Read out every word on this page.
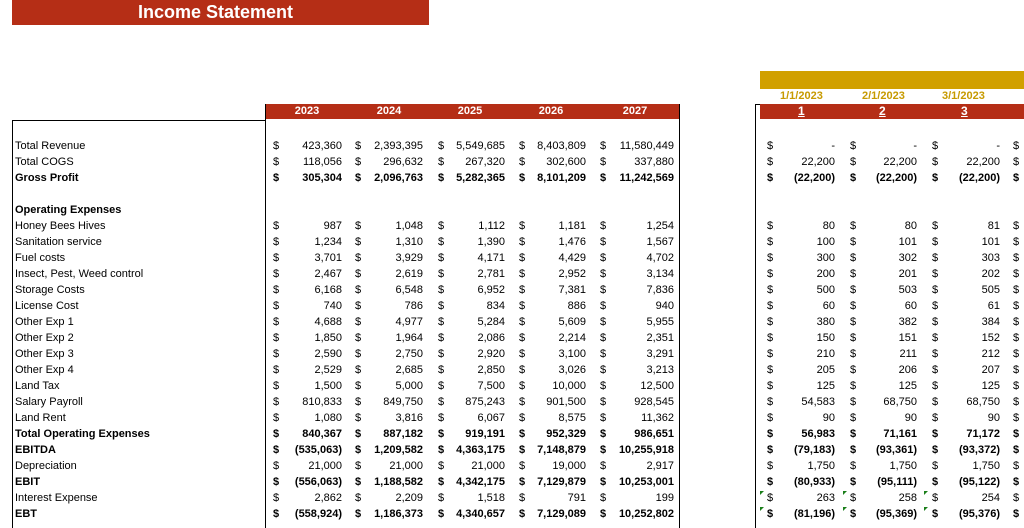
Income Statement
2023	2024	2025	2026	2027
1/1/2023	2/1/2023	3/1/2023
1	2	3
Total Revenue	$	423,360 $	2,393,395 $	5,549,685 $	8,403,809 $	11,580,449	$	- $	- $	- $
Total COGS	$	118,056 $	296,632 $	267,320 $	302,600 $	337,880	$	22,200 $	22,200 $	22,200 $
Gross Profit	$	305,304 $	2,096,763 $	5,282,365 $	8,101,209 $	11,242,569	$	(22,200) $	(22,200) $	(22,200) $
Operating Expenses
Honey Bees Hives	$	987 $	1,048 $	1,112 $	1,181 $	1,254	$	80 $	80 $	81 $
Sanitation service	$	1,234 $	1,310 $	1,390 $	1,476 $	1,567	$	100 $	101 $	101 $
Fuel costs	$	3,701 $	3,929 $	4,171 $	4,429 $	4,702	$	300 $	302 $	303 $
Insect, Pest, Weed control	$	2,467 $	2,619 $	2,781 $	2,952 $	3,134	$	200 $	201 $	202 $
Storage Costs	$	6,168 $	6,548 $	6,952 $	7,381 $	7,836	$	500 $	503 $	505 $
License Cost	$	740 $	786 $	834 $	886 $	940	$	60 $	60 $	61 $
Other Exp 1	$	4,688 $	4,977 $	5,284 $	5,609 $	5,955	$	380 $	382 $	384 $
Other Exp 2	$	1,850 $	1,964 $	2,086 $	2,214 $	2,351	$	150 $	151 $	152 $
Other Exp 3	$	2,590 $	2,750 $	2,920 $	3,100 $	3,291	$	210 $	211 $	212 $
Other Exp 4	$	2,529 $	2,685 $	2,850 $	3,026 $	3,213	$	205 $	206 $	207 $
Land Tax	$	1,500 $	5,000 $	7,500 $	10,000 $	12,500	$	125 $	125 $	125 $
Salary Payroll	$	810,833 $	849,750 $	875,243 $	901,500 $	928,545	$	54,583 $	68,750 $	68,750 $
Land Rent	$	1,080 $	3,816 $	6,067 $	8,575 $	11,362	$	90 $	90 $	90 $
Total Operating Expenses	$	840,367 $	887,182 $	919,191 $	952,329 $	986,651	$	56,983 $	71,161 $	71,172 $
EBITDA	$	(535,063) $	1,209,582 $	4,363,175 $	7,148,879 $	10,255,918	$	(79,183) $	(93,361) $	(93,372) $
Depreciation	$	21,000 $	21,000 $	21,000 $	19,000 $	2,917	$	1,750 $	1,750 $	1,750 $
EBIT	$	(556,063) $	1,188,582 $	4,342,175 $	7,129,879 $	10,253,001	$	(80,933) $	(95,111) $	(95,122) $
Interest Expense	$	2,862 $	2,209 $	1,518 $	791 $	199	$	263 $	258 $	254 $
EBT	$	(558,924) $	1,186,373 $	4,340,657 $	7,129,089 $	10,252,802	$	(81,196) $	(95,369) $	(95,376) $
